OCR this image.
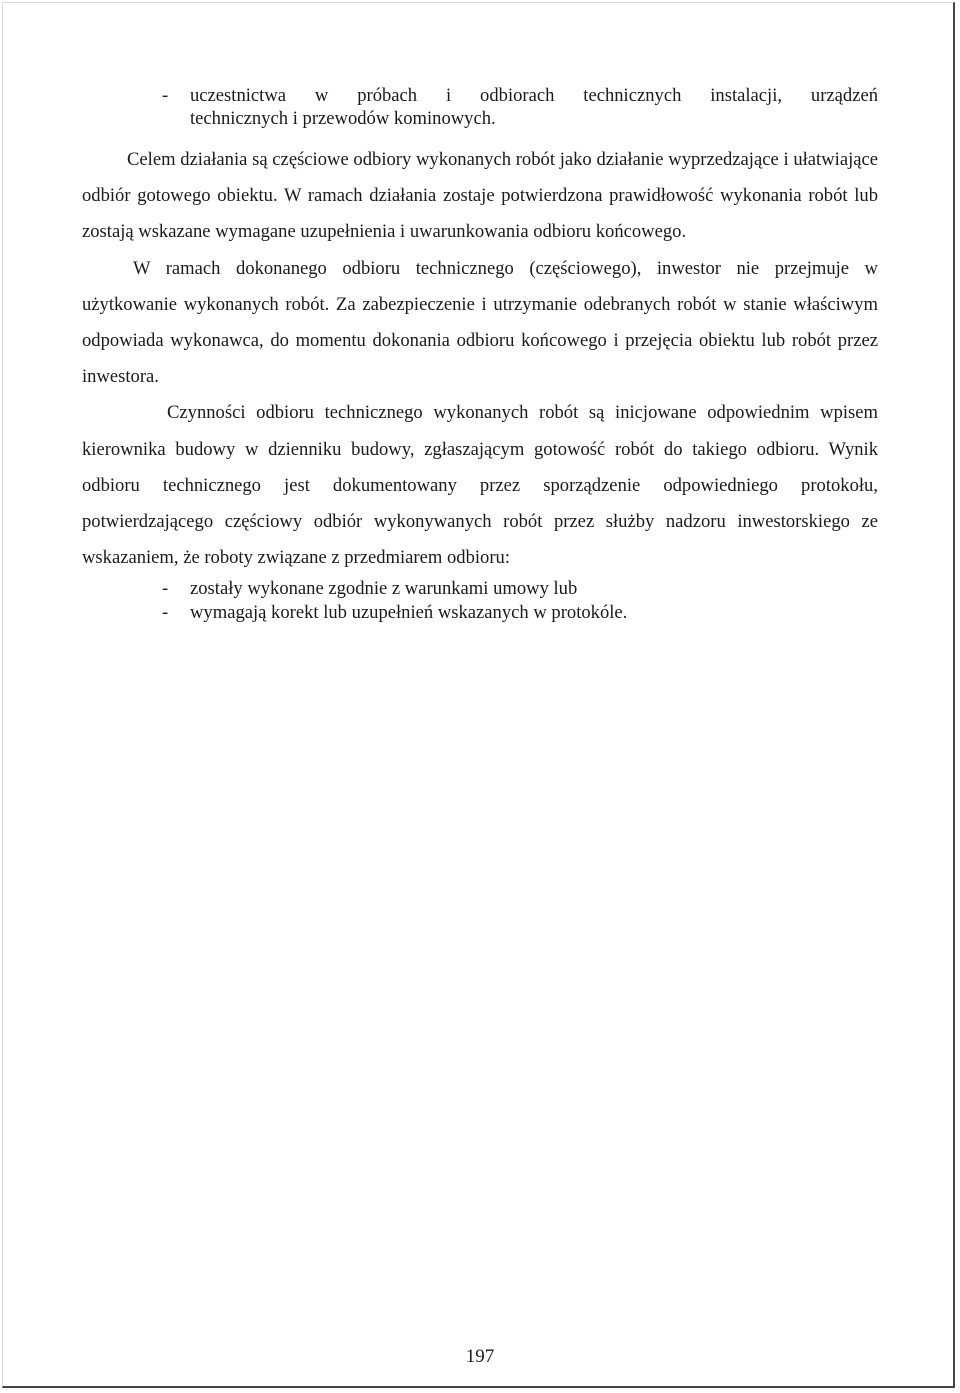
-	uczestnictwa w próbach i odbiorach technicznych instalacji, urządzeń
technicznych i przewodów kominowych.

Celem działania są częściowe odbiory wykonanych robót jako działanie wyprzedzające i ułatwiające odbiór gotowego obiektu. W ramach działania zostaje potwierdzona prawidłowość wykonania robót lub zostają wskazane wymagane uzupełnienia i uwarunkowania odbioru końcowego.

W ramach dokonanego odbioru technicznego (częściowego), inwestor nie przejmuje w użytkowanie wykonanych robót. Za zabezpieczenie i utrzymanie odebranych robót w stanie właściwym odpowiada wykonawca, do momentu dokonania odbioru końcowego i przejęcia obiektu lub robót przez inwestora.

Czynności odbioru technicznego wykonanych robót są inicjowane odpowiednim wpisem kierownika budowy w dzienniku budowy, zgłaszającym gotowość robót do takiego odbioru. Wynik odbioru technicznego jest dokumentowany przez sporządzenie odpowiedniego protokołu, potwierdzającego częściowy odbiór wykonywanych robót przez służby nadzoru inwestorskiego ze wskazaniem, że roboty związane z przedmiarem odbioru:

-	zostały wykonane zgodnie z warunkami umowy lub
-	wymagają korekt lub uzupełnień wskazanych w protokóle.
197
